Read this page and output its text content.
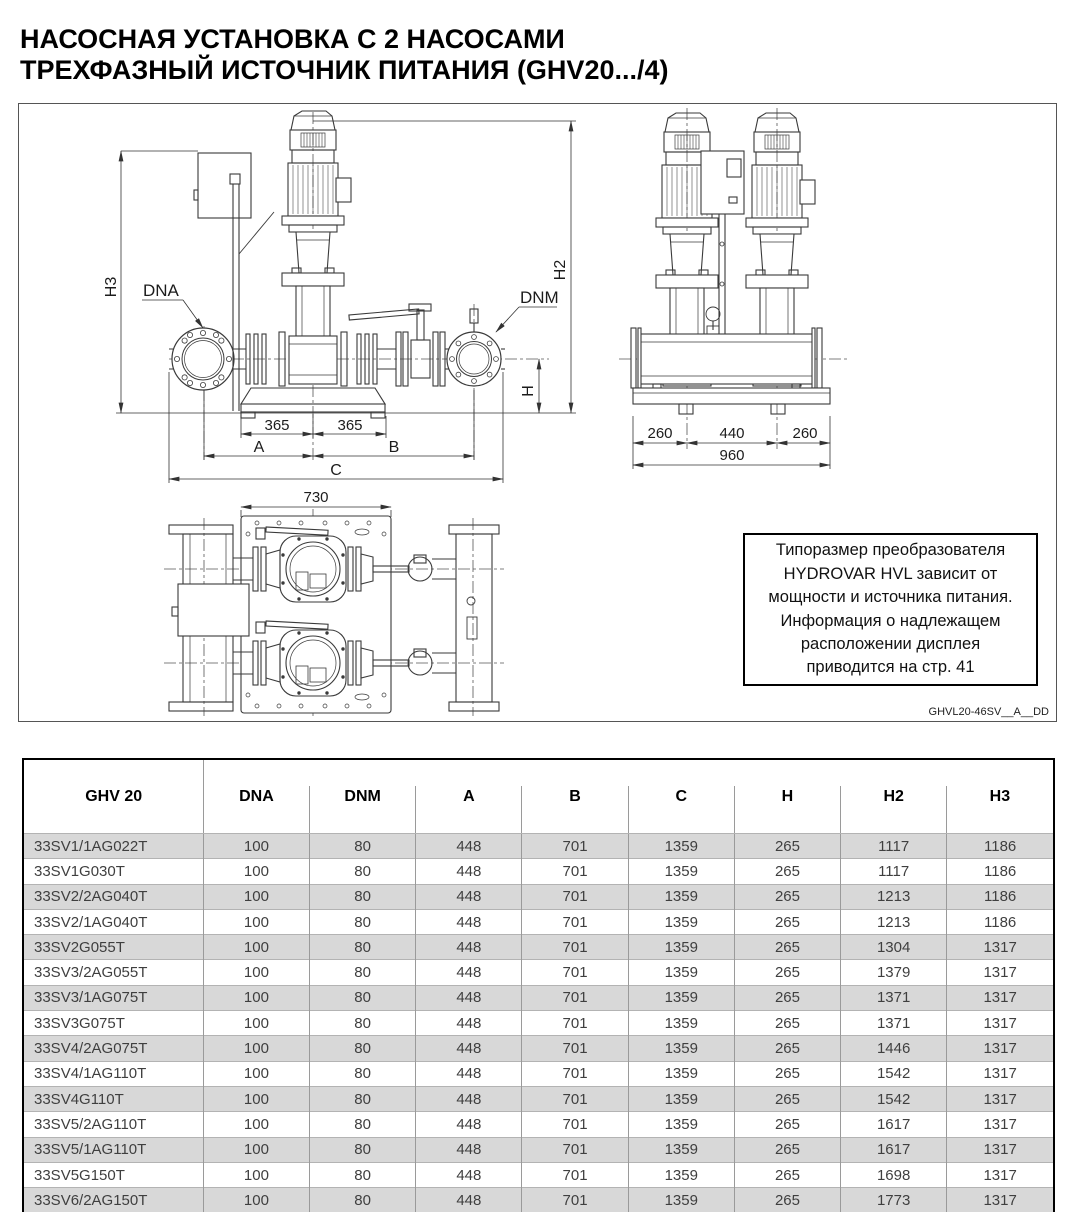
НАСОСНАЯ УСТАНОВКА С 2 НАСОСАМИ
ТРЕХФАЗНЫЙ ИСТОЧНИК ПИТАНИЯ (GHV20.../4)
H3
H2
H
DNA	DNM
365	365
A	B
C
730
260	440	260
960
Типоразмер преобразователя HYDROVAR HVL зависит от мощности и источника питания. Информация о надлежащем расположении дисплея приводится на стр. 41
GHVL20-46SV__A__DD
GHV 20	DNA	DNM	A	B	C	H	H2	H3
33SV1/1AG022T	100	80	448	701	1359	265	1117	1186
33SV1G030T	100	80	448	701	1359	265	1117	1186
33SV2/2AG040T	100	80	448	701	1359	265	1213	1186
33SV2/1AG040T	100	80	448	701	1359	265	1213	1186
33SV2G055T	100	80	448	701	1359	265	1304	1317
33SV3/2AG055T	100	80	448	701	1359	265	1379	1317
33SV3/1AG075T	100	80	448	701	1359	265	1371	1317
33SV3G075T	100	80	448	701	1359	265	1371	1317
33SV4/2AG075T	100	80	448	701	1359	265	1446	1317
33SV4/1AG110T	100	80	448	701	1359	265	1542	1317
33SV4G110T	100	80	448	701	1359	265	1542	1317
33SV5/2AG110T	100	80	448	701	1359	265	1617	1317
33SV5/1AG110T	100	80	448	701	1359	265	1617	1317
33SV5G150T	100	80	448	701	1359	265	1698	1317
33SV6/2AG150T	100	80	448	701	1359	265	1773	1317
